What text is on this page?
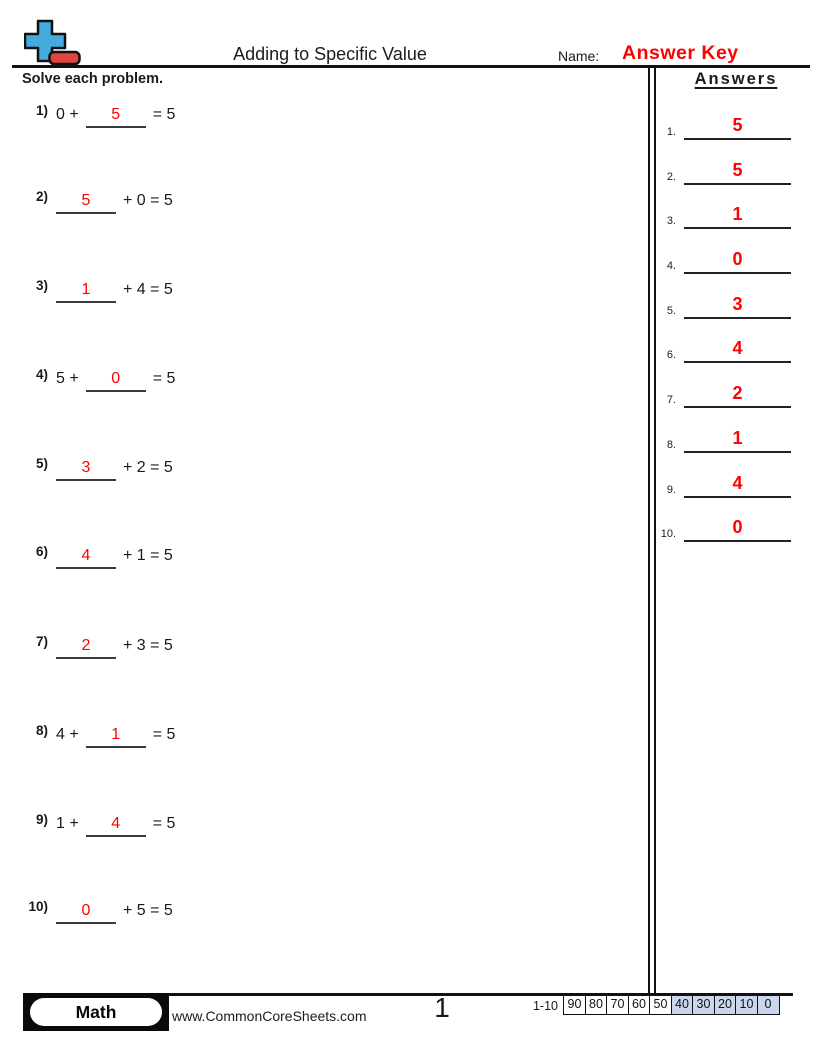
Adding to Specific Value	Name: Answer Key
Solve each problem.
1) 0 +	5	= 5
2)	5	+ 0 = 5
3)	1	+ 4 = 5
4) 5 +	0	= 5
5)	3	+ 2 = 5
6)	4	+ 1 = 5
7)	2	+ 3 = 5
8) 4 +	1	= 5
9) 1 +	4	= 5
10)	0	+ 5 = 5
Answers
1.	5
2.	5
3.	1
4.	0
5.	3
6.	4
7.	2
8.	1
9.	4
10.	0
Math	www.CommonCoreSheets.com	1	1-10 90 80 70 60 50 40 30 20 10 0
